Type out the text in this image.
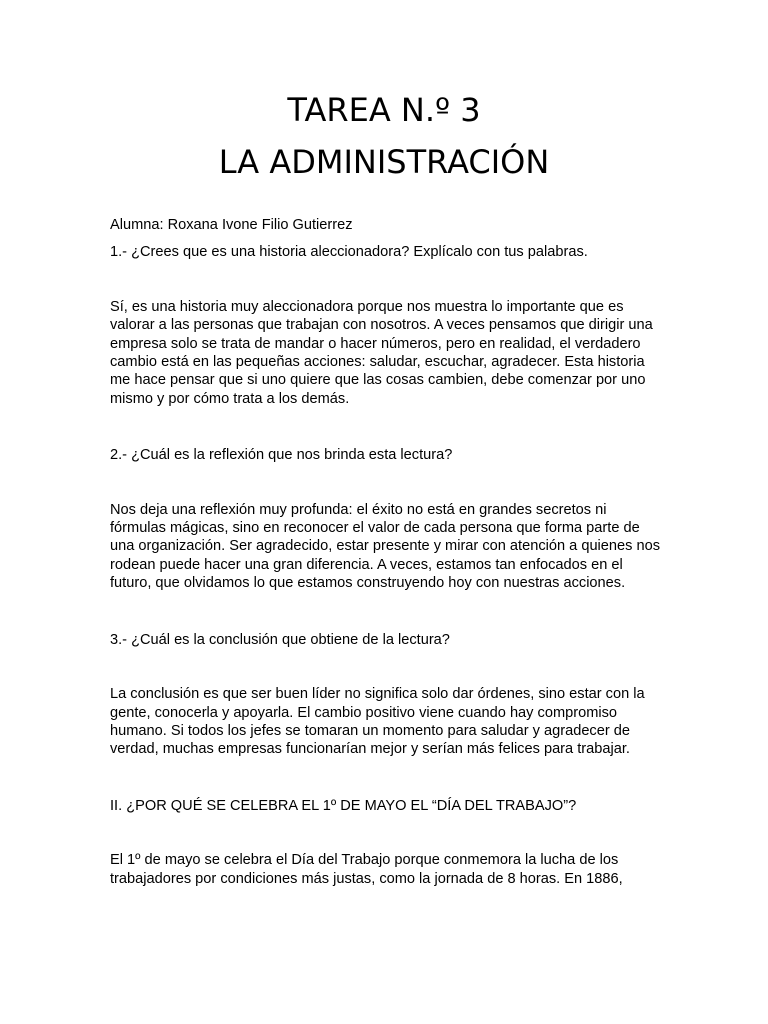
TAREA N.º 3
LA ADMINISTRACIÓN

Alumna: Roxana Ivone Filio Gutierrez

1.- ¿Crees que es una historia aleccionadora? Explícalo con tus palabras.

Sí, es una historia muy aleccionadora porque nos muestra lo importante que es valorar a las personas que trabajan con nosotros. A veces pensamos que dirigir una empresa solo se trata de mandar o hacer números, pero en realidad, el verdadero cambio está en las pequeñas acciones: saludar, escuchar, agradecer. Esta historia me hace pensar que si uno quiere que las cosas cambien, debe comenzar por uno mismo y por cómo trata a los demás.

2.- ¿Cuál es la reflexión que nos brinda esta lectura?

Nos deja una reflexión muy profunda: el éxito no está en grandes secretos ni fórmulas mágicas, sino en reconocer el valor de cada persona que forma parte de una organización. Ser agradecido, estar presente y mirar con atención a quienes nos rodean puede hacer una gran diferencia. A veces, estamos tan enfocados en el futuro, que olvidamos lo que estamos construyendo hoy con nuestras acciones.

3.- ¿Cuál es la conclusión que obtiene de la lectura?

La conclusión es que ser buen líder no significa solo dar órdenes, sino estar con la gente, conocerla y apoyarla. El cambio positivo viene cuando hay compromiso humano. Si todos los jefes se tomaran un momento para saludar y agradecer de verdad, muchas empresas funcionarían mejor y serían más felices para trabajar.

II. ¿POR QUÉ SE CELEBRA EL 1º DE MAYO EL “DÍA DEL TRABAJO”?

El 1º de mayo se celebra el Día del Trabajo porque conmemora la lucha de los trabajadores por condiciones más justas, como la jornada de 8 horas. En 1886,
